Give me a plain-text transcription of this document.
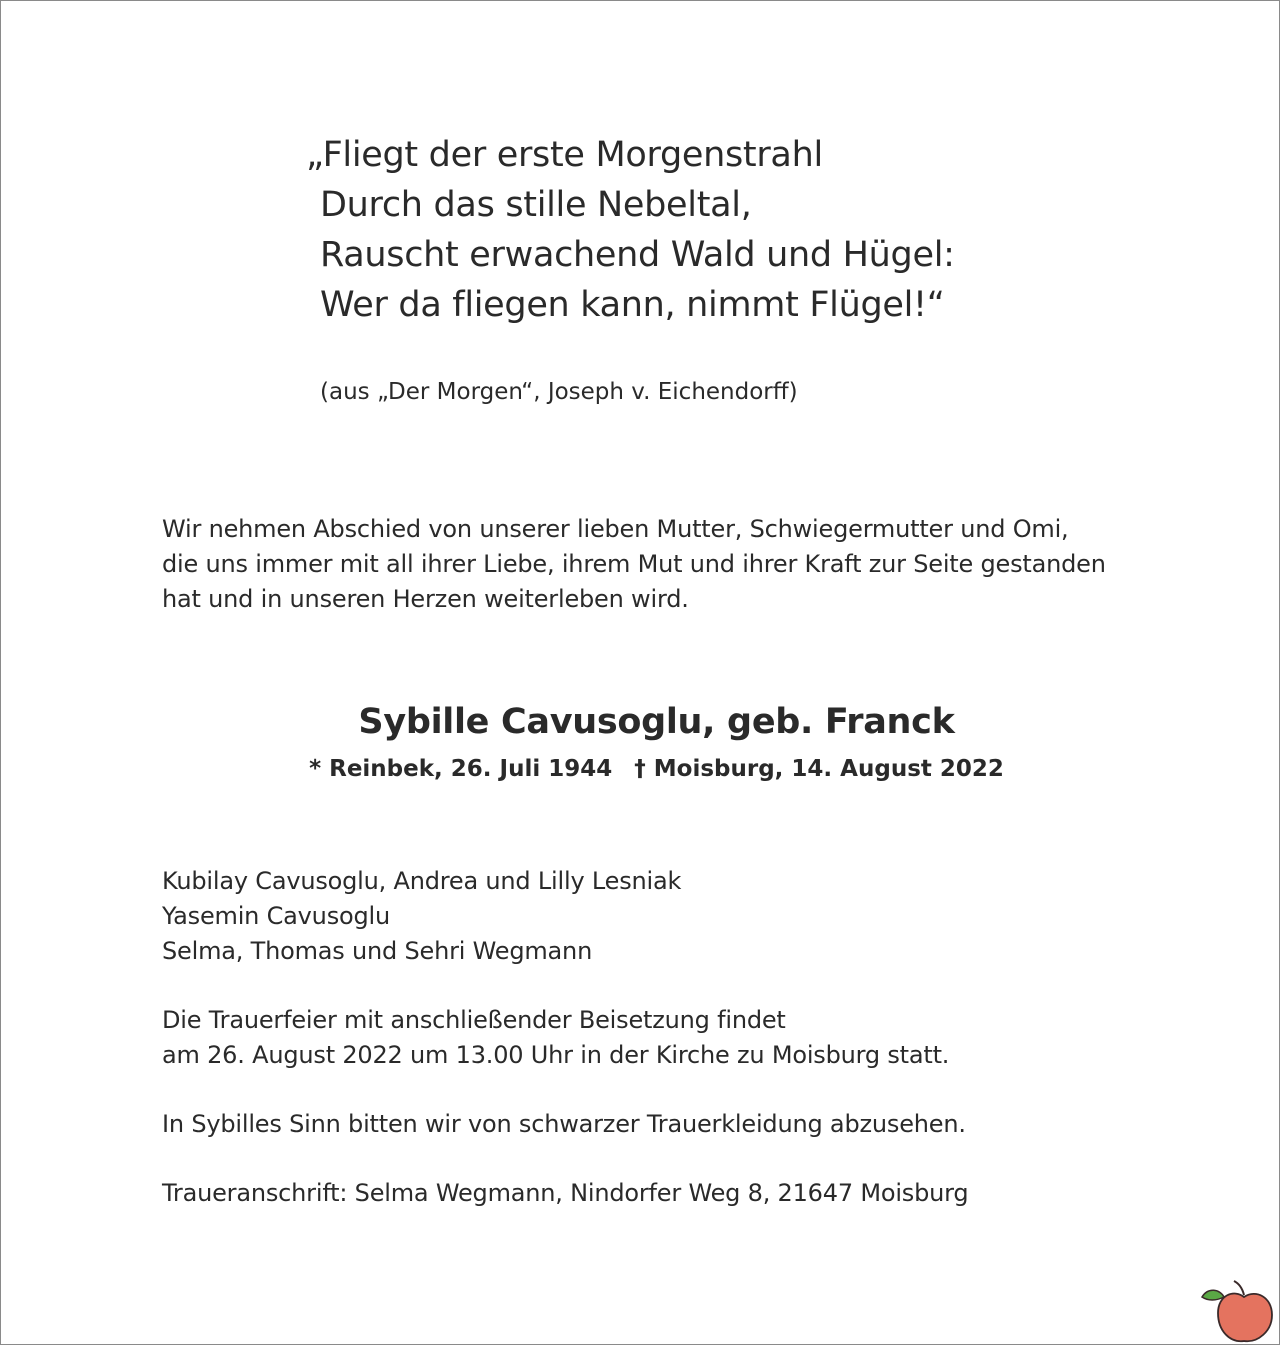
„Fliegt der erste Morgenstrahl
Durch das stille Nebeltal,
Rauscht erwachend Wald und Hügel:
Wer da fliegen kann, nimmt Flügel!“
(aus „Der Morgen“, Joseph v. Eichendorff)
Wir nehmen Abschied von unserer lieben Mutter, Schwiegermutter und Omi,
die uns immer mit all ihrer Liebe, ihrem Mut und ihrer Kraft zur Seite gestanden
hat und in unseren Herzen weiterleben wird.
Sybille Cavusoglu, geb. Franck
* Reinbek, 26. Juli 1944 † Moisburg, 14. August 2022
Kubilay Cavusoglu, Andrea und Lilly Lesniak
Yasemin Cavusoglu
Selma, Thomas und Sehri Wegmann
Die Trauerfeier mit anschließender Beisetzung findet
am 26. August 2022 um 13.00 Uhr in der Kirche zu Moisburg statt.
In Sybilles Sinn bitten wir von schwarzer Trauerkleidung abzusehen.
Traueranschrift: Selma Wegmann, Nindorfer Weg 8, 21647 Moisburg
